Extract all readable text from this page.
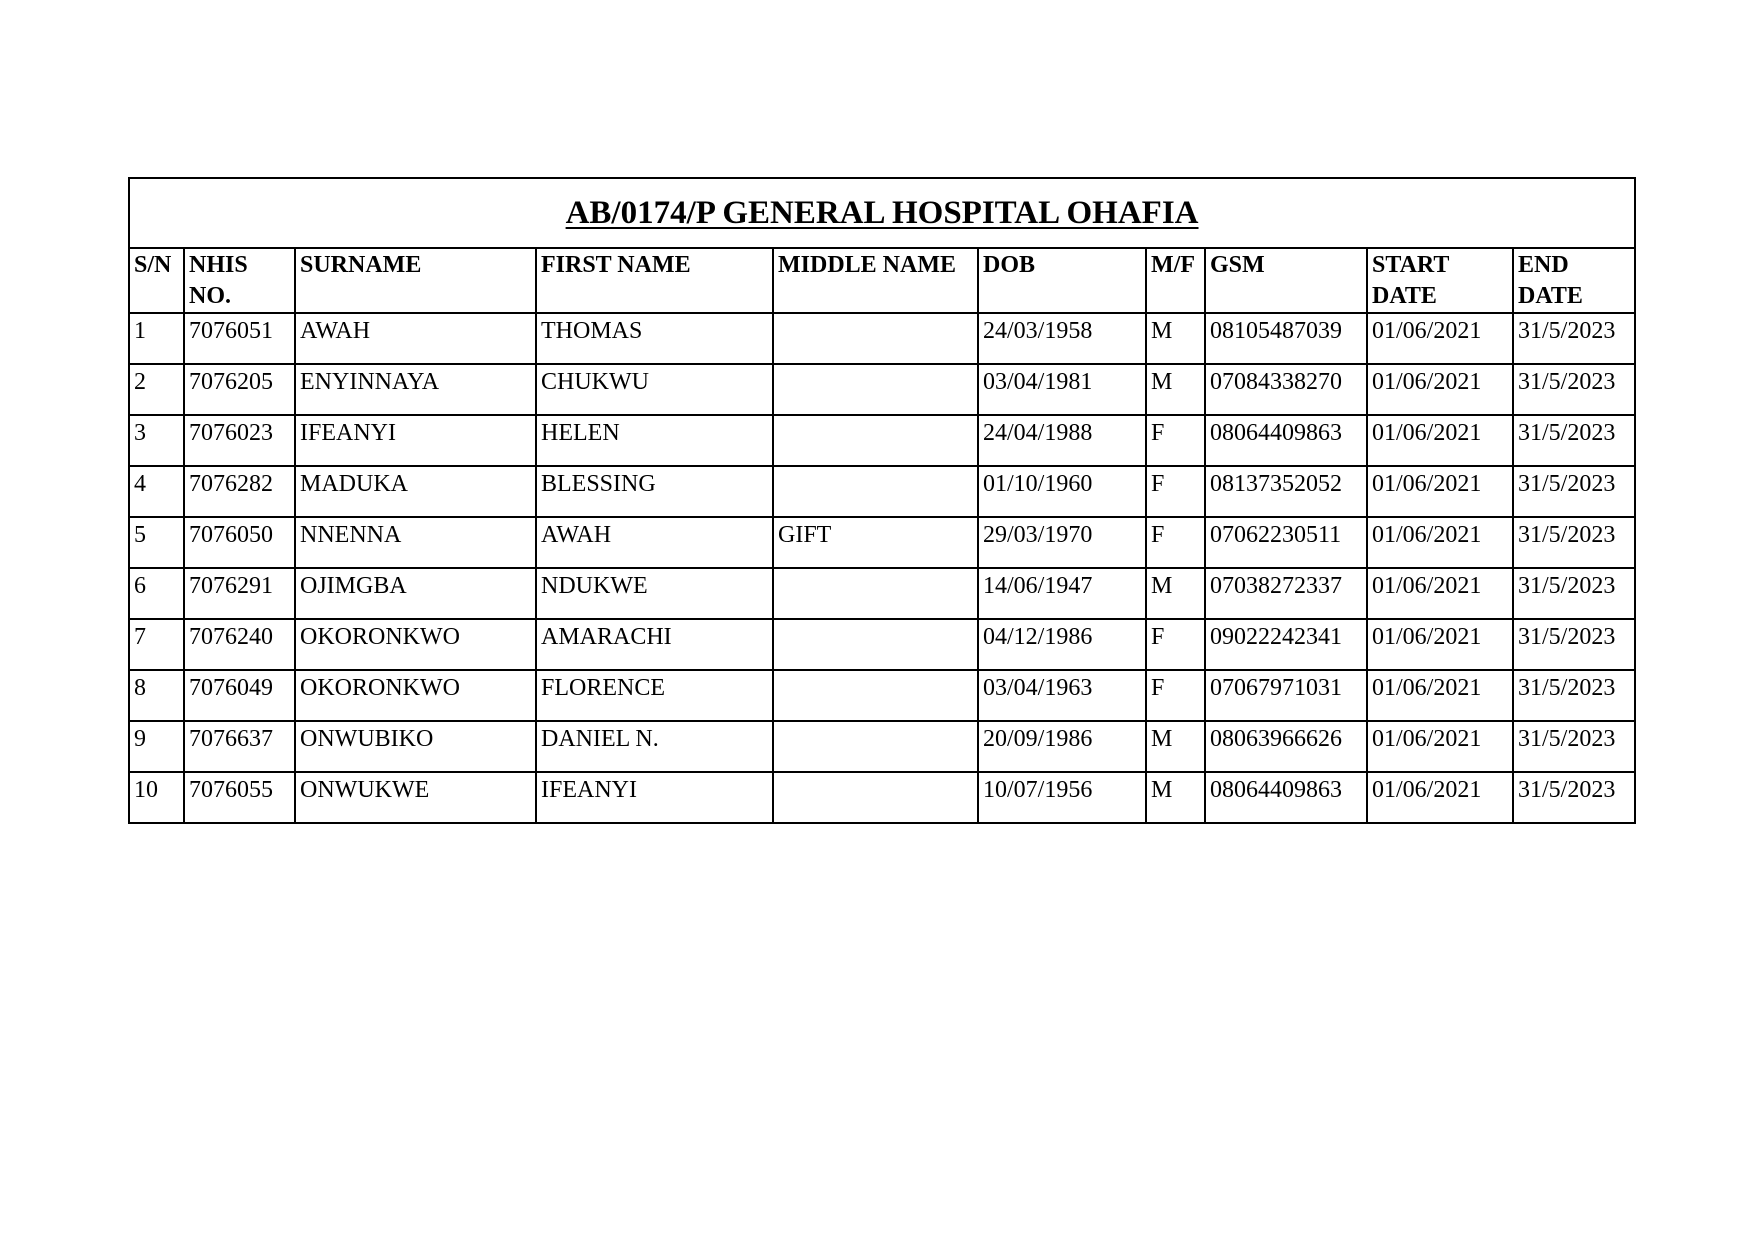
AB/0174/P GENERAL HOSPITAL OHAFIA									
S/N	NHIS NO.	SURNAME	FIRST NAME	MIDDLE NAME	DOB	M/F	GSM	START DATE	END DATE
1	7076051	AWAH	THOMAS		24/03/1958	M	08105487039	01/06/2021	31/5/2023
2	7076205	ENYINNAYA	CHUKWU		03/04/1981	M	07084338270	01/06/2021	31/5/2023
3	7076023	IFEANYI	HELEN		24/04/1988	F	08064409863	01/06/2021	31/5/2023
4	7076282	MADUKA	BLESSING		01/10/1960	F	08137352052	01/06/2021	31/5/2023
5	7076050	NNENNA	AWAH	GIFT	29/03/1970	F	07062230511	01/06/2021	31/5/2023
6	7076291	OJIMGBA	NDUKWE		14/06/1947	M	07038272337	01/06/2021	31/5/2023
7	7076240	OKORONKWO	AMARACHI		04/12/1986	F	09022242341	01/06/2021	31/5/2023
8	7076049	OKORONKWO	FLORENCE		03/04/1963	F	07067971031	01/06/2021	31/5/2023
9	7076637	ONWUBIKO	DANIEL N.		20/09/1986	M	08063966626	01/06/2021	31/5/2023
10	7076055	ONWUKWE	IFEANYI		10/07/1956	M	08064409863	01/06/2021	31/5/2023
